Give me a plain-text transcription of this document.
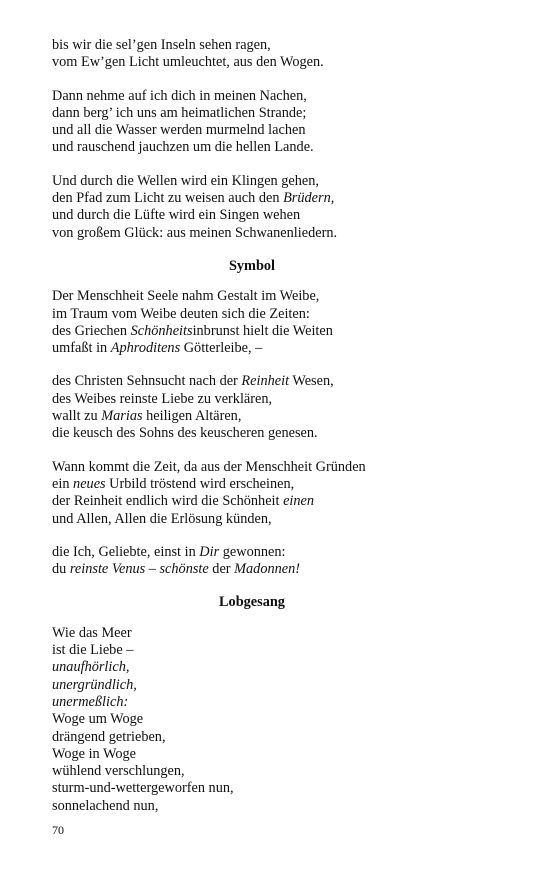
bis wir die sel’gen Inseln sehen ragen,
vom Ew’gen Licht umleuchtet, aus den Wogen.
Dann nehme auf ich dich in meinen Nachen,
dann berg’ ich uns am heimatlichen Strande;
und all die Wasser werden murmelnd lachen
und rauschend jauchzen um die hellen Lande.
Und durch die Wellen wird ein Klingen gehen,
den Pfad zum Licht zu weisen auch den Brüdern,
und durch die Lüfte wird ein Singen wehen
von großem Glück: aus meinen Schwanenliedern.
Symbol
Der Menschheit Seele nahm Gestalt im Weibe,
im Traum vom Weibe deuten sich die Zeiten:
des Griechen Schönheitsinbrunst hielt die Weiten
umfaßt in Aphroditens Götterleibe, –
des Christen Sehnsucht nach der Reinheit Wesen,
des Weibes reinste Liebe zu verklären,
wallt zu Marias heiligen Altären,
die keusch des Sohns des keuscheren genesen.
Wann kommt die Zeit, da aus der Menschheit Gründen
ein neues Urbild tröstend wird erscheinen,
der Reinheit endlich wird die Schönheit einen
und Allen, Allen die Erlösung künden,
die Ich, Geliebte, einst in Dir gewonnen:
du reinste Venus – schönste der Madonnen!
Lobgesang
Wie das Meer
ist die Liebe –
unaufhörlich,
unergründlich,
unermeßlich:
Woge um Woge
drängend getrieben,
Woge in Woge
wühlend verschlungen,
sturm-und-wettergeworfen nun,
sonnelachend nun,
70
